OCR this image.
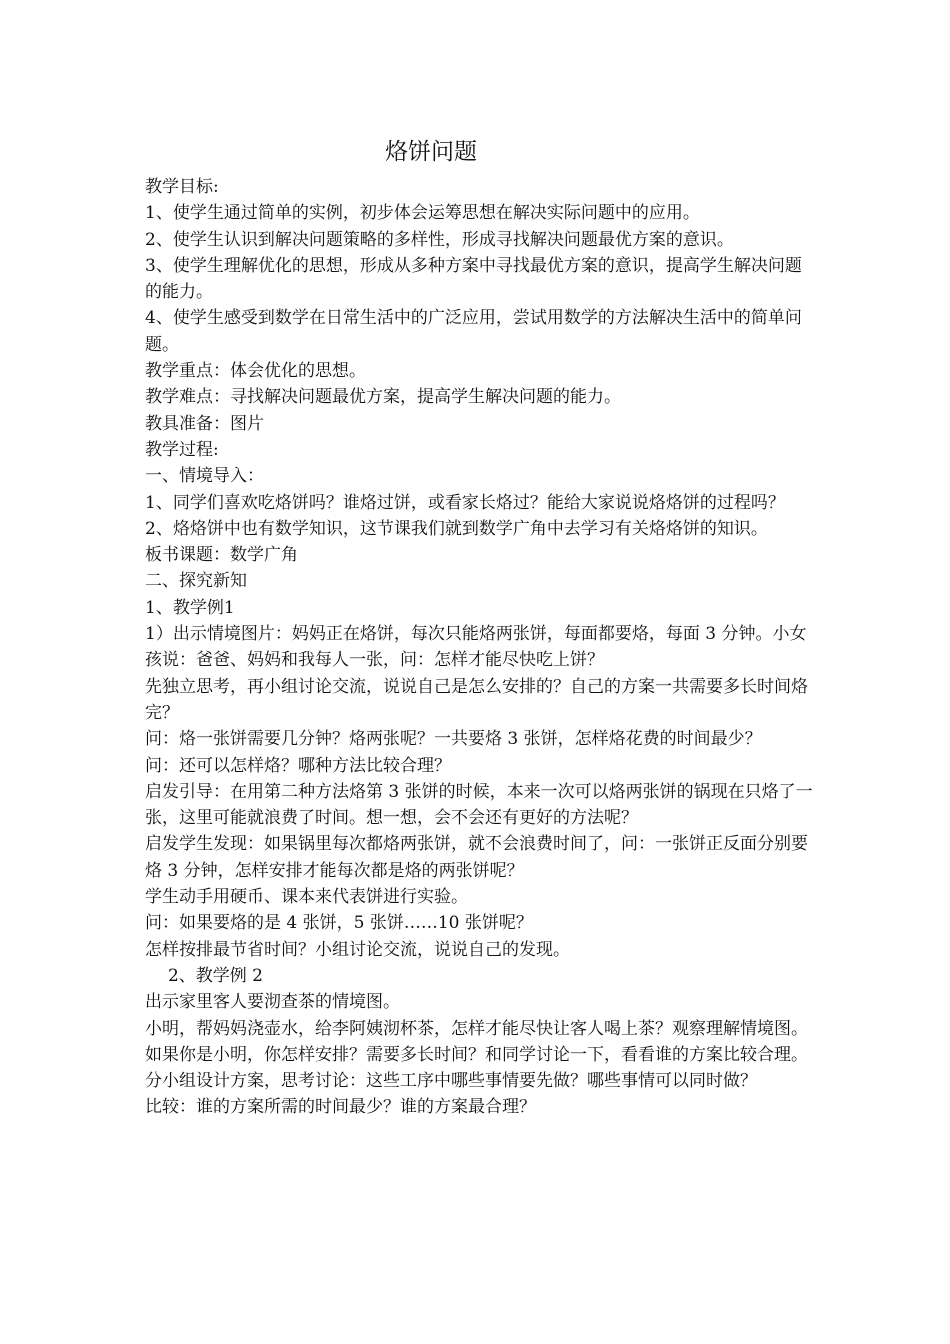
烙饼问题

教学目标:

1、使学生通过简单的实例，初步体会运筹思想在解决实际问题中的应用。

2、使学生认识到解决问题策略的多样性，形成寻找解决问题最优方案的意识。

3、使学生理解优化的思想，形成从多种方案中寻找最优方案的意识，提高学生解决问题的能力。

4、使学生感受到数学在日常生活中的广泛应用，尝试用数学的方法解决生活中的简单问题。

教学重点：体会优化的思想。

教学难点：寻找解决问题最优方案，提高学生解决问题的能力。

教具准备：图片

教学过程:

一、情境导入：

1、同学们喜欢吃烙饼吗？谁烙过饼，或看家长烙过？能给大家说说烙烙饼的过程吗？

2、烙烙饼中也有数学知识，这节课我们就到数学广角中去学习有关烙烙饼的知识。

板书课题：数学广角

二、探究新知

1、教学例1

1）出示情境图片：妈妈正在烙饼，每次只能烙两张饼，每面都要烙，每面 3 分钟。小女孩说：爸爸、妈妈和我每人一张，问：怎样才能尽快吃上饼？

先独立思考，再小组讨论交流，说说自己是怎么安排的？自己的方案一共需要多长时间烙完？

问：烙一张饼需要几分钟？烙两张呢？一共要烙 3 张饼，怎样烙花费的时间最少？

问：还可以怎样烙？哪种方法比较合理？

启发引导：在用第二种方法烙第 3 张饼的时候，本来一次可以烙两张饼的锅现在只烙了一张，这里可能就浪费了时间。想一想，会不会还有更好的方法呢？

启发学生发现：如果锅里每次都烙两张饼，就不会浪费时间了，问：一张饼正反面分别要烙 3 分钟，怎样安排才能每次都是烙的两张饼呢？

学生动手用硬币、课本来代表饼进行实验。

问：如果要烙的是 4 张饼，5 张饼……10 张饼呢？

怎样按排最节省时间？小组讨论交流，说说自己的发现。

2、教学例 2

出示家里客人要沏查茶的情境图。

小明，帮妈妈浇壶水，给李阿姨沏杯茶，怎样才能尽快让客人喝上茶？观察理解情境图。

如果你是小明，你怎样安排？需要多长时间？和同学讨论一下，看看谁的方案比较合理。

分小组设计方案，思考讨论：这些工序中哪些事情要先做？哪些事情可以同时做？

比较：谁的方案所需的时间最少？谁的方案最合理？
